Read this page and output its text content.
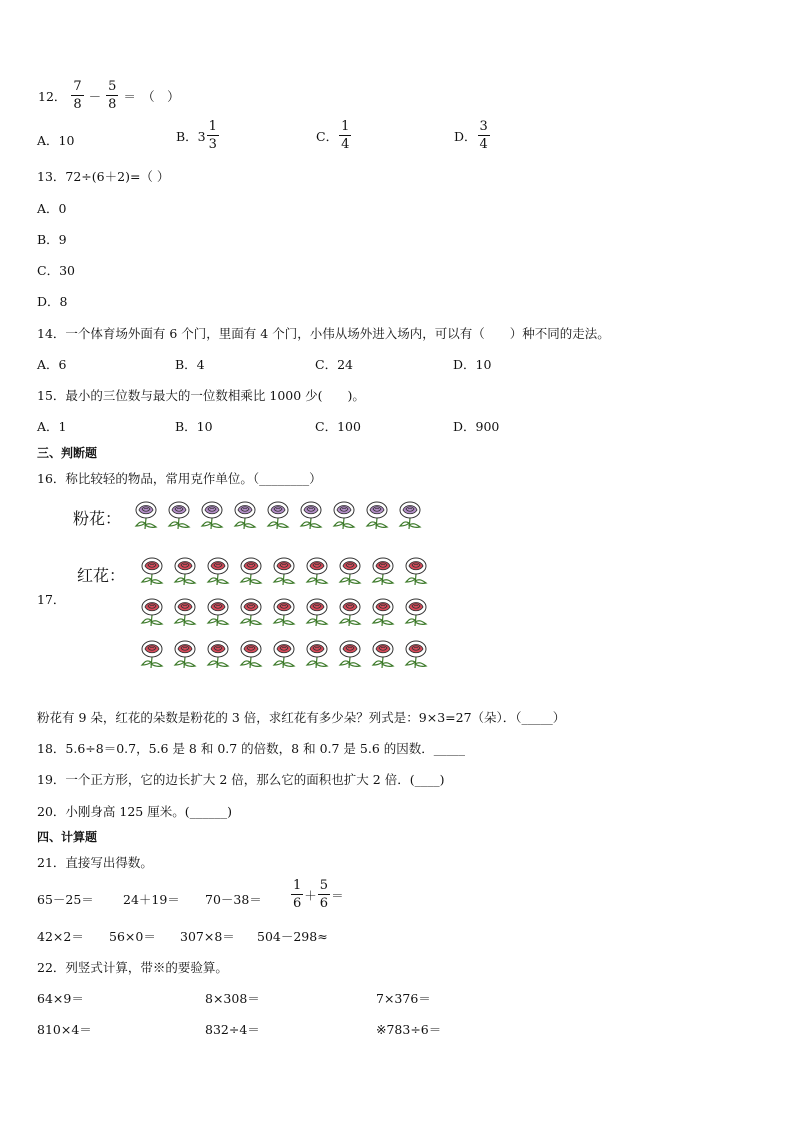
12． $\frac{7}{8} - \frac{5}{8}$ ＝　（　）
A．10	B．$3 \frac{1}{3}$	C． $\frac{1}{4}$	D． $\frac{3}{4}$
13．72÷(6＋2)=（ ）
A．0
B．9
C．30
D．8
14．一个体育场外面有 6 个门，里面有 4 个门，小伟从场外进入场内，可以有（　　）种不同的走法。
A．6	B．4	C．24	D．10
15．最小的三位数与最大的一位数相乘比 1000 少(　　)。
A．1	B．10	C．100	D．900
三、判断题
16．称比较轻的物品，常用克作单位。（________）
粉花：
红花：
17．
粉花有 9 朵，红花的朵数是粉花的 3 倍，求红花有多少朵？列式是：9×3=27（朵）．（_____）
18．5.6÷8＝0.7，5.6 是 8 和 0.7 的倍数，8 和 0.7 是 5.6 的因数．_____
19．一个正方形，它的边长扩大 2 倍，那么它的面积也扩大 2 倍．(____)
20．小刚身高 125 厘米。(______)
四、计算题
21．直接写出得数。
$65-25= 24+19= 70-38= \frac{1}{6} + \frac{5}{6}$ ＝
42×2＝ 56×0＝ 307×8＝ 504－298≈
22．列竖式计算，带※的要验算。
64×9＝	8×308＝	7×376＝
810×4＝	832÷4＝	※783÷6＝
